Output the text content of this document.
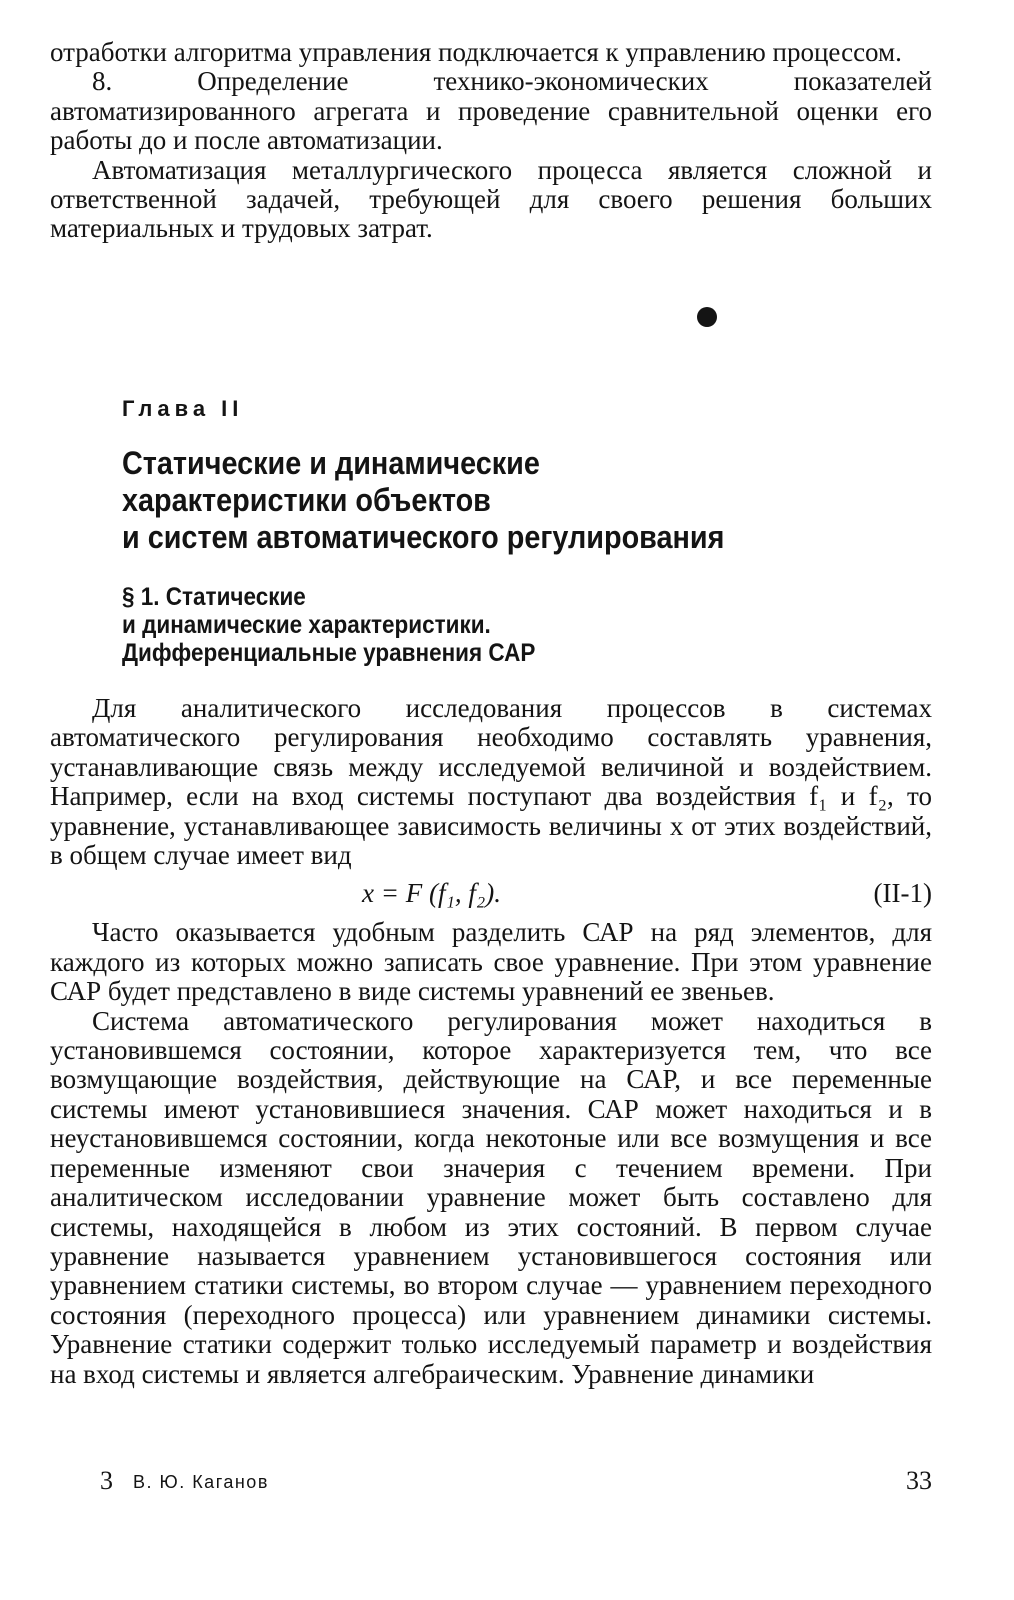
отработки алгоритма управления подключается к управлению процессом.

8. Определение технико-экономических показателей автоматизированного агрегата и проведение сравнительной оценки его работы до и после автоматизации.

Автоматизация металлургического процесса является сложной и ответственной задачей, требующей для своего решения больших материальных и трудовых затрат.

Глава II
Статические и динамические
характеристики объектов
и систем автоматического регулирования
§ 1. Статические
и динамические характеристики.
Дифференциальные уравнения САР

Для аналитического исследования процессов в системах автоматического регулирования необходимо составлять уравнения, устанавливающие связь между исследуемой величиной и воздействием. Например, если на вход системы поступают два воздействия f₁ и f₂, то уравнение, устанавливающее зависимость величины x от этих воздействий, в общем случае имеет вид

x = F (f₁, f₂).	(II-1)

Часто оказывается удобным разделить САР на ряд элементов, для каждого из которых можно записать свое уравнение. При этом уравнение САР будет представлено в виде системы уравнений ее звеньев.

Система автоматического регулирования может находиться в установившемся состоянии, которое характеризуется тем, что все возмущающие воздействия, действующие на САР, и все переменные системы имеют установившиеся значения. САР может находиться и в неустановившемся состоянии, когда некотоные или все возмущения и все переменные изменяют свои значерия с течением времени. При аналитическом исследовании уравнение может быть составлено для системы, находящейся в любом из этих состояний. В первом случае уравнение называется уравнением установившегося состояния или уравнением статики системы, во втором случае — уравнением переходного состояния (переходного процесса) или уравнением динамики системы. Уравнение статики содержит только исследуемый параметр и воздействия на вход системы и является алгебраическим. Уравнение динамики

3 В. Ю. Каганов	33
